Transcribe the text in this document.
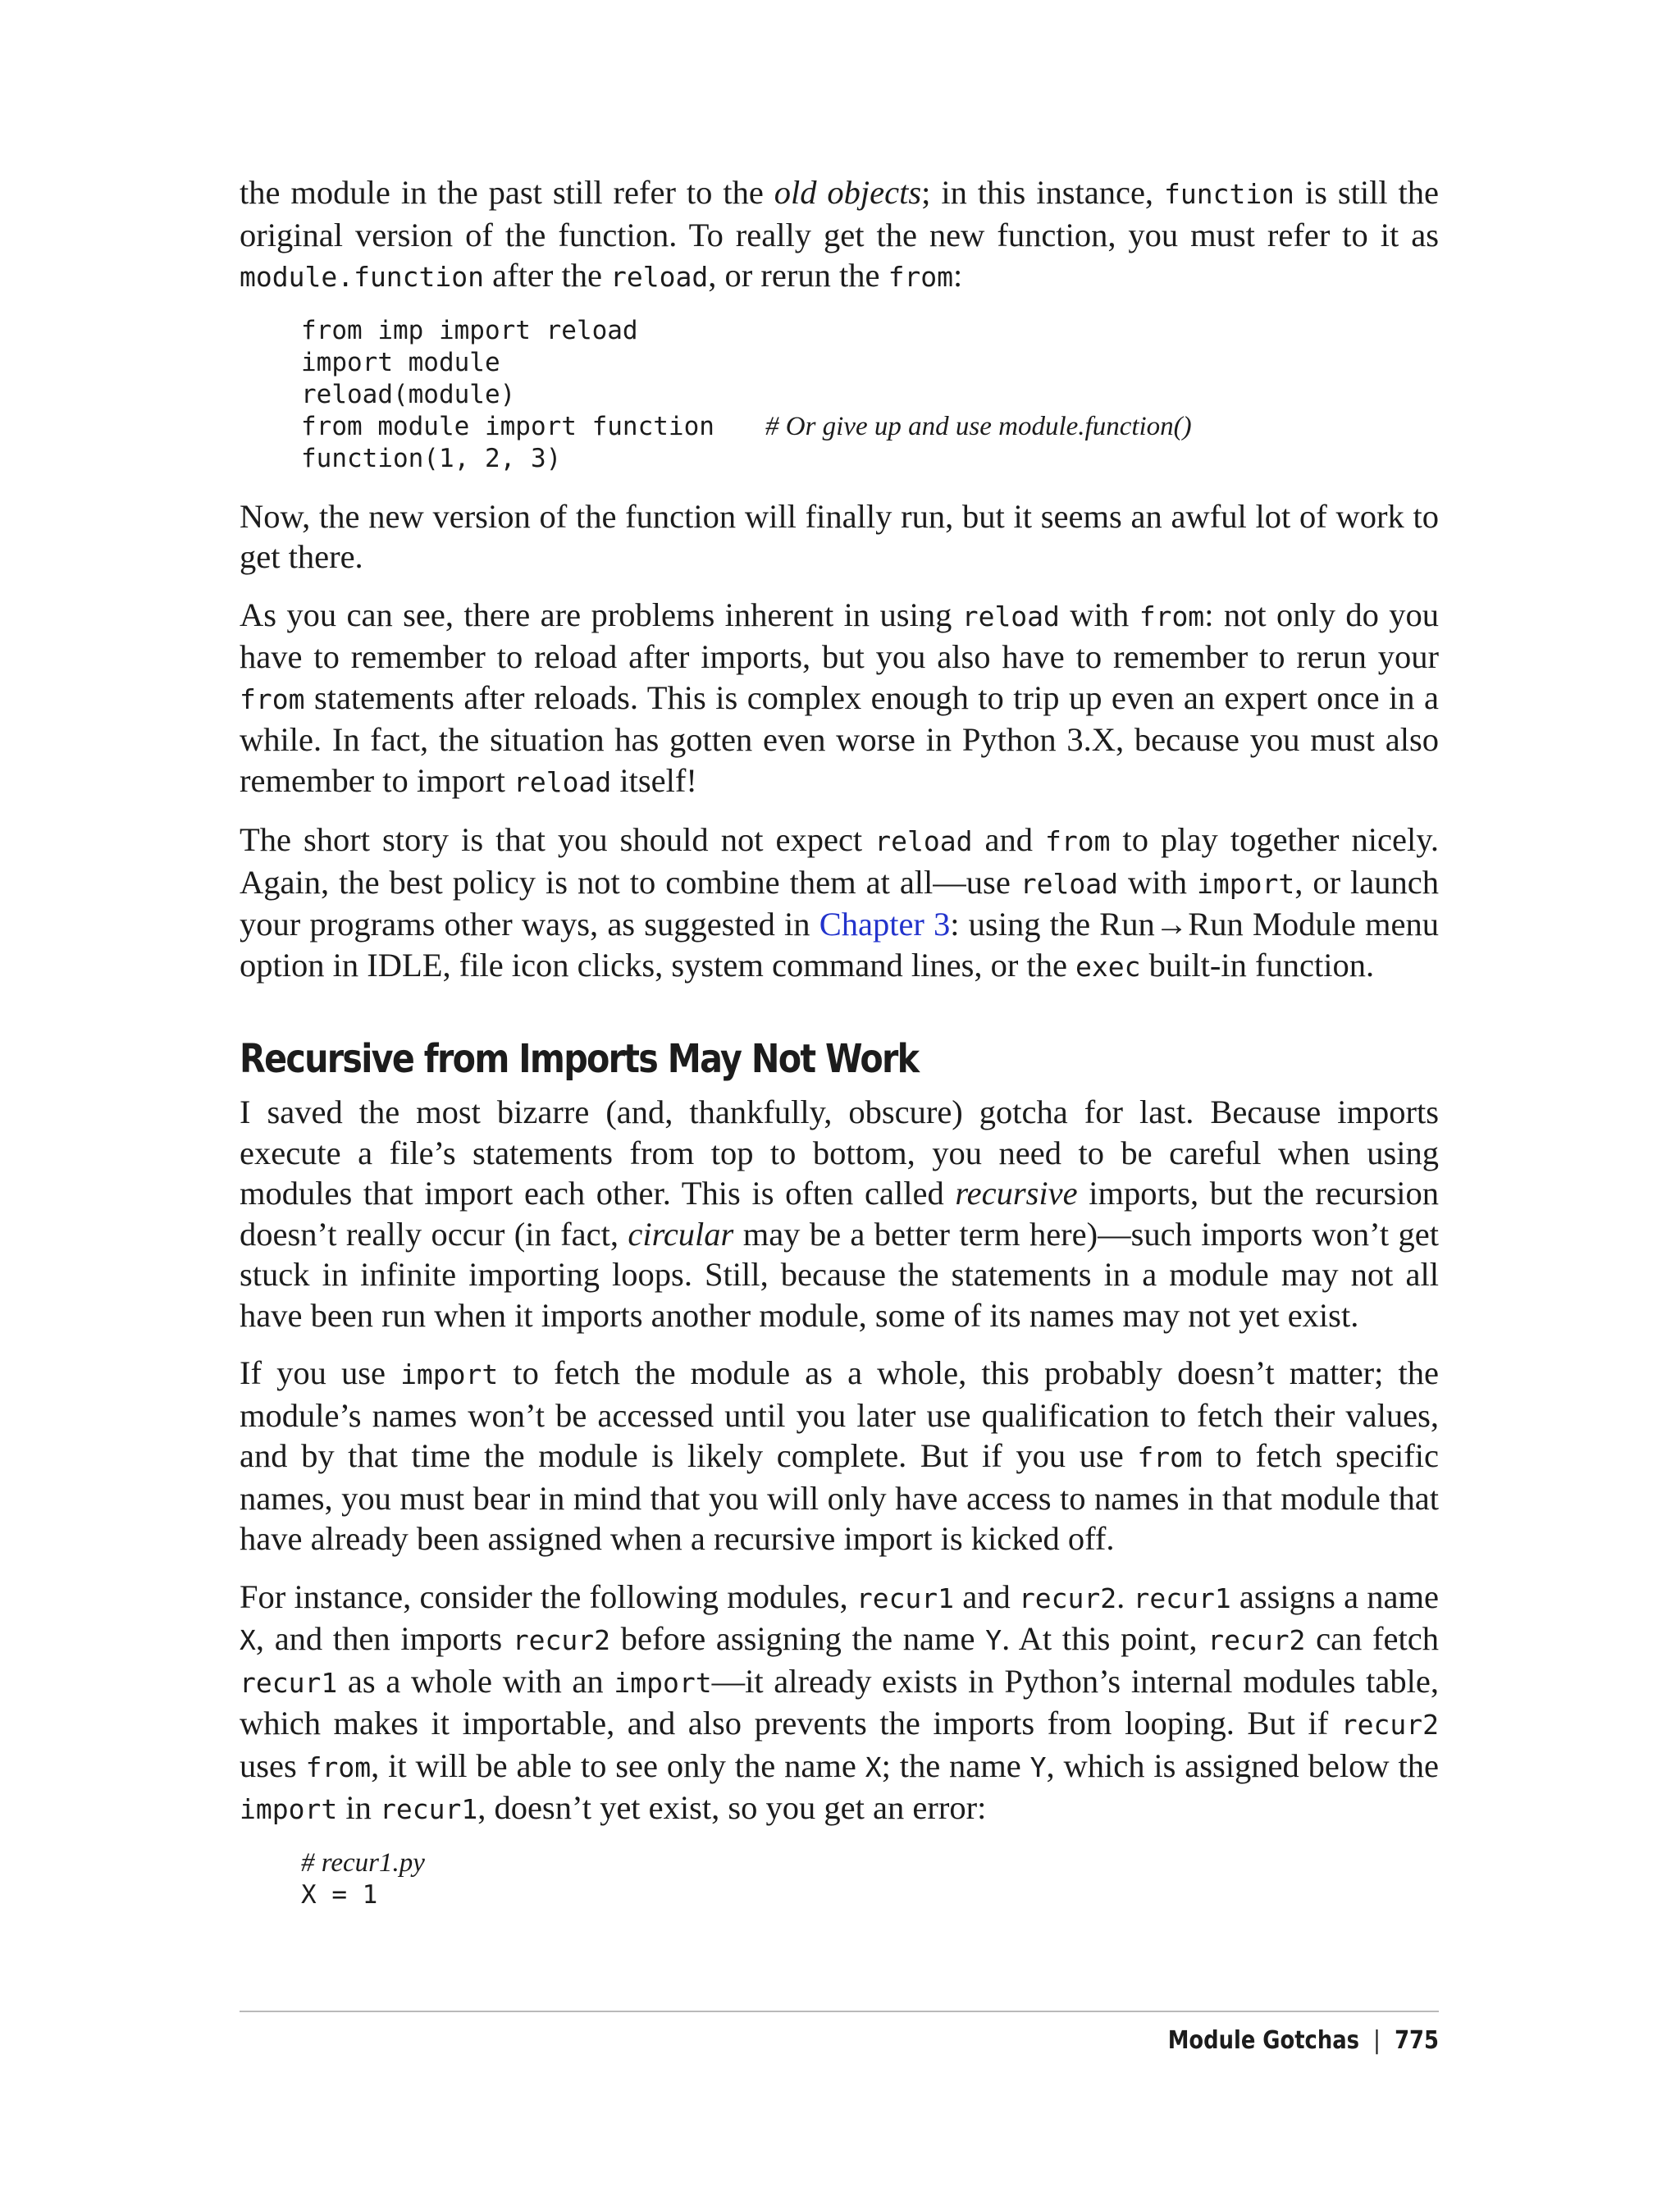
the module in the past still refer to the old objects; in this instance, function is still the original version of the function. To really get the new function, you must refer to it as module.function after the reload, or rerun the from:

from imp import reload
import module
reload(module)
from module import function # Or give up and use module.function()
function(1, 2, 3)

Now, the new version of the function will finally run, but it seems an awful lot of work to get there.

As you can see, there are problems inherent in using reload with from: not only do you have to remember to reload after imports, but you also have to remember to rerun your from statements after reloads. This is complex enough to trip up even an expert once in a while. In fact, the situation has gotten even worse in Python 3.X, because you must also remember to import reload itself!

The short story is that you should not expect reload and from to play together nicely. Again, the best policy is not to combine them at all—use reload with import, or launch your programs other ways, as suggested in Chapter 3: using the Run→Run Module menu option in IDLE, file icon clicks, system command lines, or the exec built-in function.

Recursive from Imports May Not Work

I saved the most bizarre (and, thankfully, obscure) gotcha for last. Because imports execute a file’s statements from top to bottom, you need to be careful when using modules that import each other. This is often called recursive imports, but the recursion doesn’t really occur (in fact, circular may be a better term here)—such imports won’t get stuck in infinite importing loops. Still, because the statements in a module may not all have been run when it imports another module, some of its names may not yet exist.

If you use import to fetch the module as a whole, this probably doesn’t matter; the module’s names won’t be accessed until you later use qualification to fetch their values, and by that time the module is likely complete. But if you use from to fetch specific names, you must bear in mind that you will only have access to names in that module that have already been assigned when a recursive import is kicked off.

For instance, consider the following modules, recur1 and recur2. recur1 assigns a name X, and then imports recur2 before assigning the name Y. At this point, recur2 can fetch recur1 as a whole with an import—it already exists in Python’s internal modules table, which makes it importable, and also prevents the imports from looping. But if recur2 uses from, it will be able to see only the name X; the name Y, which is assigned below the import in recur1, doesn’t yet exist, so you get an error:

# recur1.py
X = 1
Module Gotchas | 775
